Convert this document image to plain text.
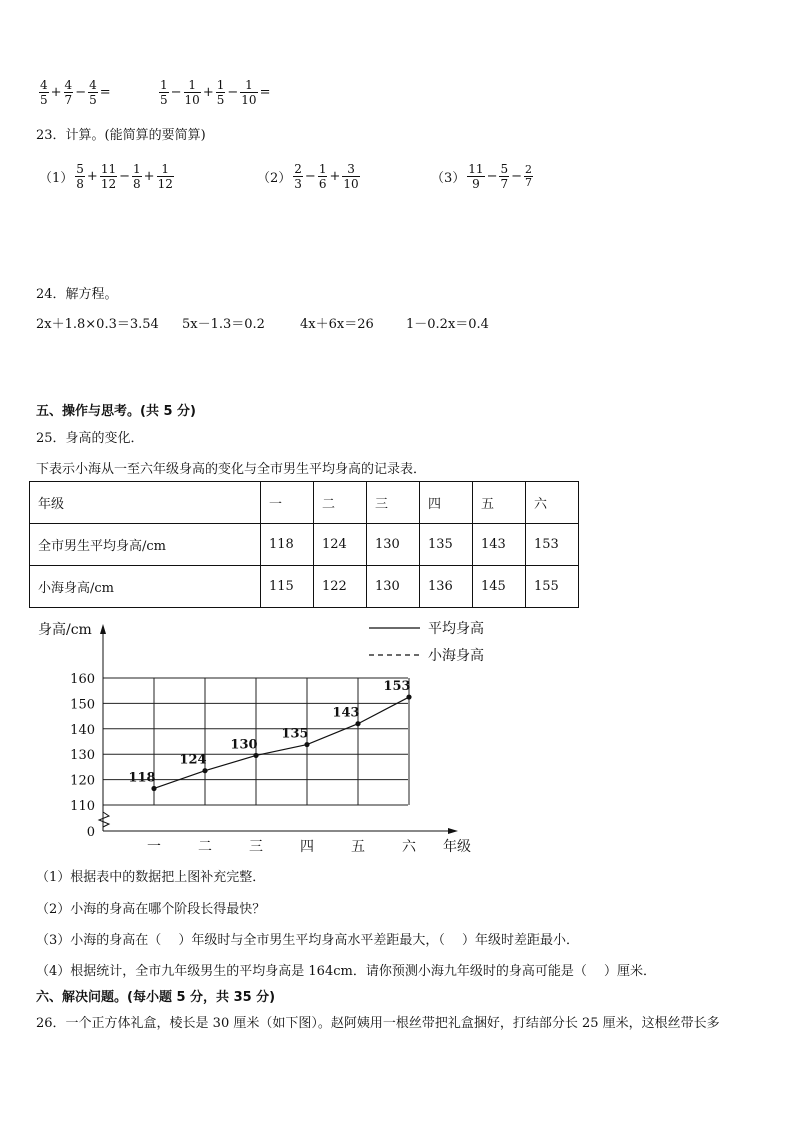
$\frac{4}{5} + \frac{4}{7} - \frac{4}{5}$ =	$\frac{1}{5} - \frac{1}{10} + \frac{1}{5} - \frac{1}{10}$ =
23．计算。(能简算的要简算)
$(1) \frac{5}{8} + \frac{11}{12} - \frac{1}{8} + \frac{1}{12}$	$(2) \frac{2}{3} - \frac{1}{6} + \frac{3}{10}$	$(3) \frac{11}{9} - \frac{5}{7} - \frac{2}{7}$
24．解方程。
2x＋1.8×0.3＝3.54 5x－1.3＝0.2	4x＋6x＝26 1－0.2x＝0.4
五、操作与思考。(共 5 分)
25．身高的变化．
下表示小海从一至六年级身高的变化与全市男生平均身高的记录表．
年级	一	二	三	四	五	六
全市男生平均身高/cm	118	124	130	135	143	153
小海身高/cm	115	122	130	136	145	155
身高/cm
0
110
120
130
140
150
160
一	二	三	四	五	六 年级
118
124
130
135
143
153
平均身高
小海身高
（1）根据表中的数据把上图补充完整．
（2）小海的身高在哪个阶段长得最快？
（3）小海的身高在（　 ）年级时与全市男生平均身高水平差距最大，（　 ）年级时差距最小．
（4）根据统计，全市九年级男生的平均身高是 164cm．请你预测小海九年级时的身高可能是（　 ）厘米．
六、解决问题。(每小题 5 分，共 35 分)
26．一个正方体礼盒，棱长是 30 厘米（如下图）。赵阿姨用一根丝带把礼盒捆好，打结部分长 25 厘米，这根丝带长多
